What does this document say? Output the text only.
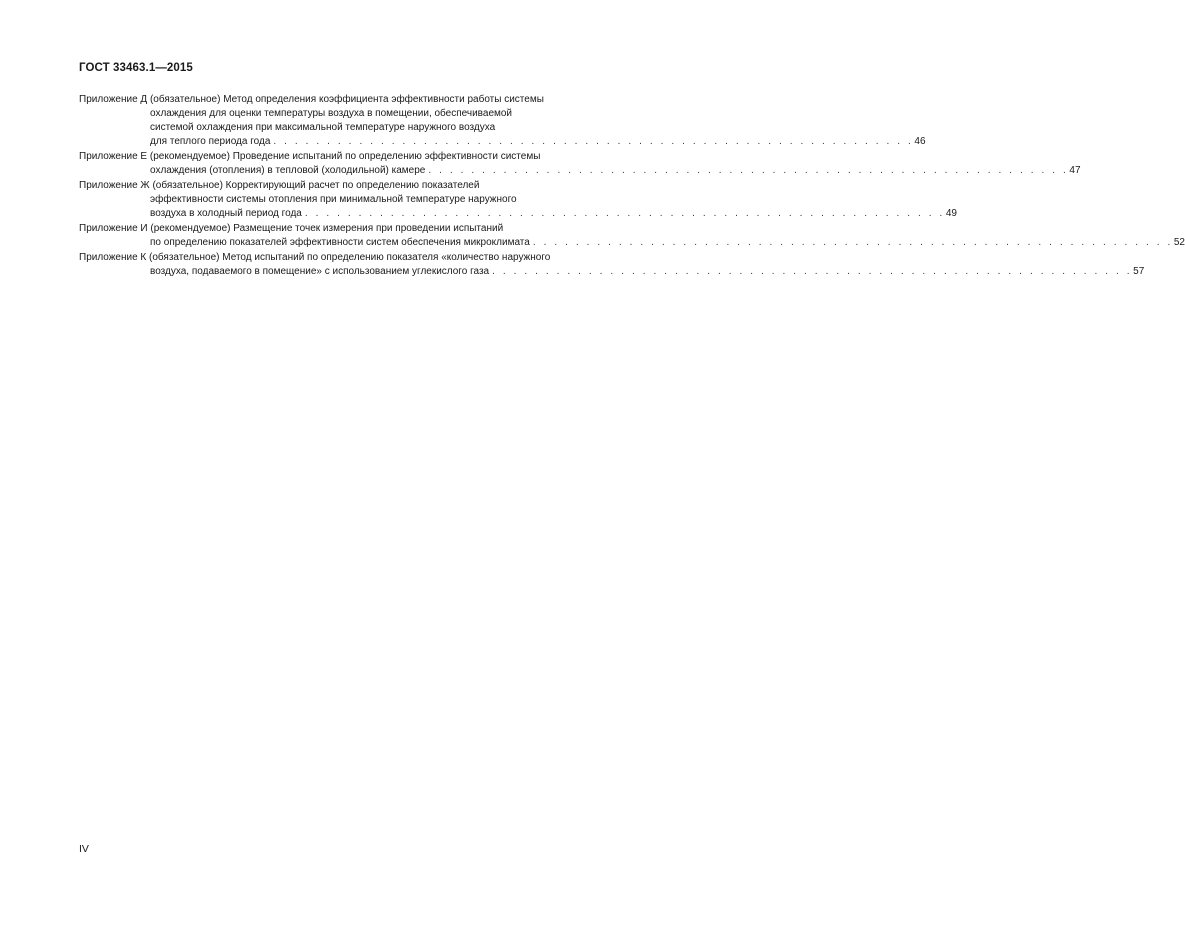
ГОСТ 33463.1—2015
Приложение Д (обязательное) Метод определения коэффициента эффективности работы системы
охлаждения для оценки температуры воздуха в помещении, обеспечиваемой
системой охлаждения при максимальной температуре наружного воздуха
для теплого периода года . . . . . . . . . . . . . . . . . . . . . . . . . . . . . . . . . . . . . . . . . . . . . . . . . . . . . . . . . . . . 46
Приложение Е (рекомендуемое) Проведение испытаний по определению эффективности системы
охлаждения (отопления) в тепловой (холодильной) камере . . . . . . . . . . . . . . . . . . . . . . . . . . . . . . . . . . . . . . . . . . . . . . . . . . . . . . . . . . . . 47
Приложение Ж (обязательное) Корректирующий расчет по определению показателей
эффективности системы отопления при минимальной температуре наружного
воздуха в холодный период года . . . . . . . . . . . . . . . . . . . . . . . . . . . . . . . . . . . . . . . . . . . . . . . . . . . . . . . . . . . . 49
Приложение И (рекомендуемое) Размещение точек измерения при проведении испытаний
по определению показателей эффективности систем обеспечения микроклимата . . . . . . . . . . . . . . . . . . . . . . . . . . . . . . . . . . . . . . . . . . . . . . . . . . . . . . . . . . . . 52
Приложение К (обязательное) Метод испытаний по определению показателя «количество наружного
воздуха, подаваемого в помещение» с использованием углекислого газа . . . . . . . . . . . . . . . . . . . . . . . . . . . . . . . . . . . . . . . . . . . . . . . . . . . . . . . . . . . . 57
IV
